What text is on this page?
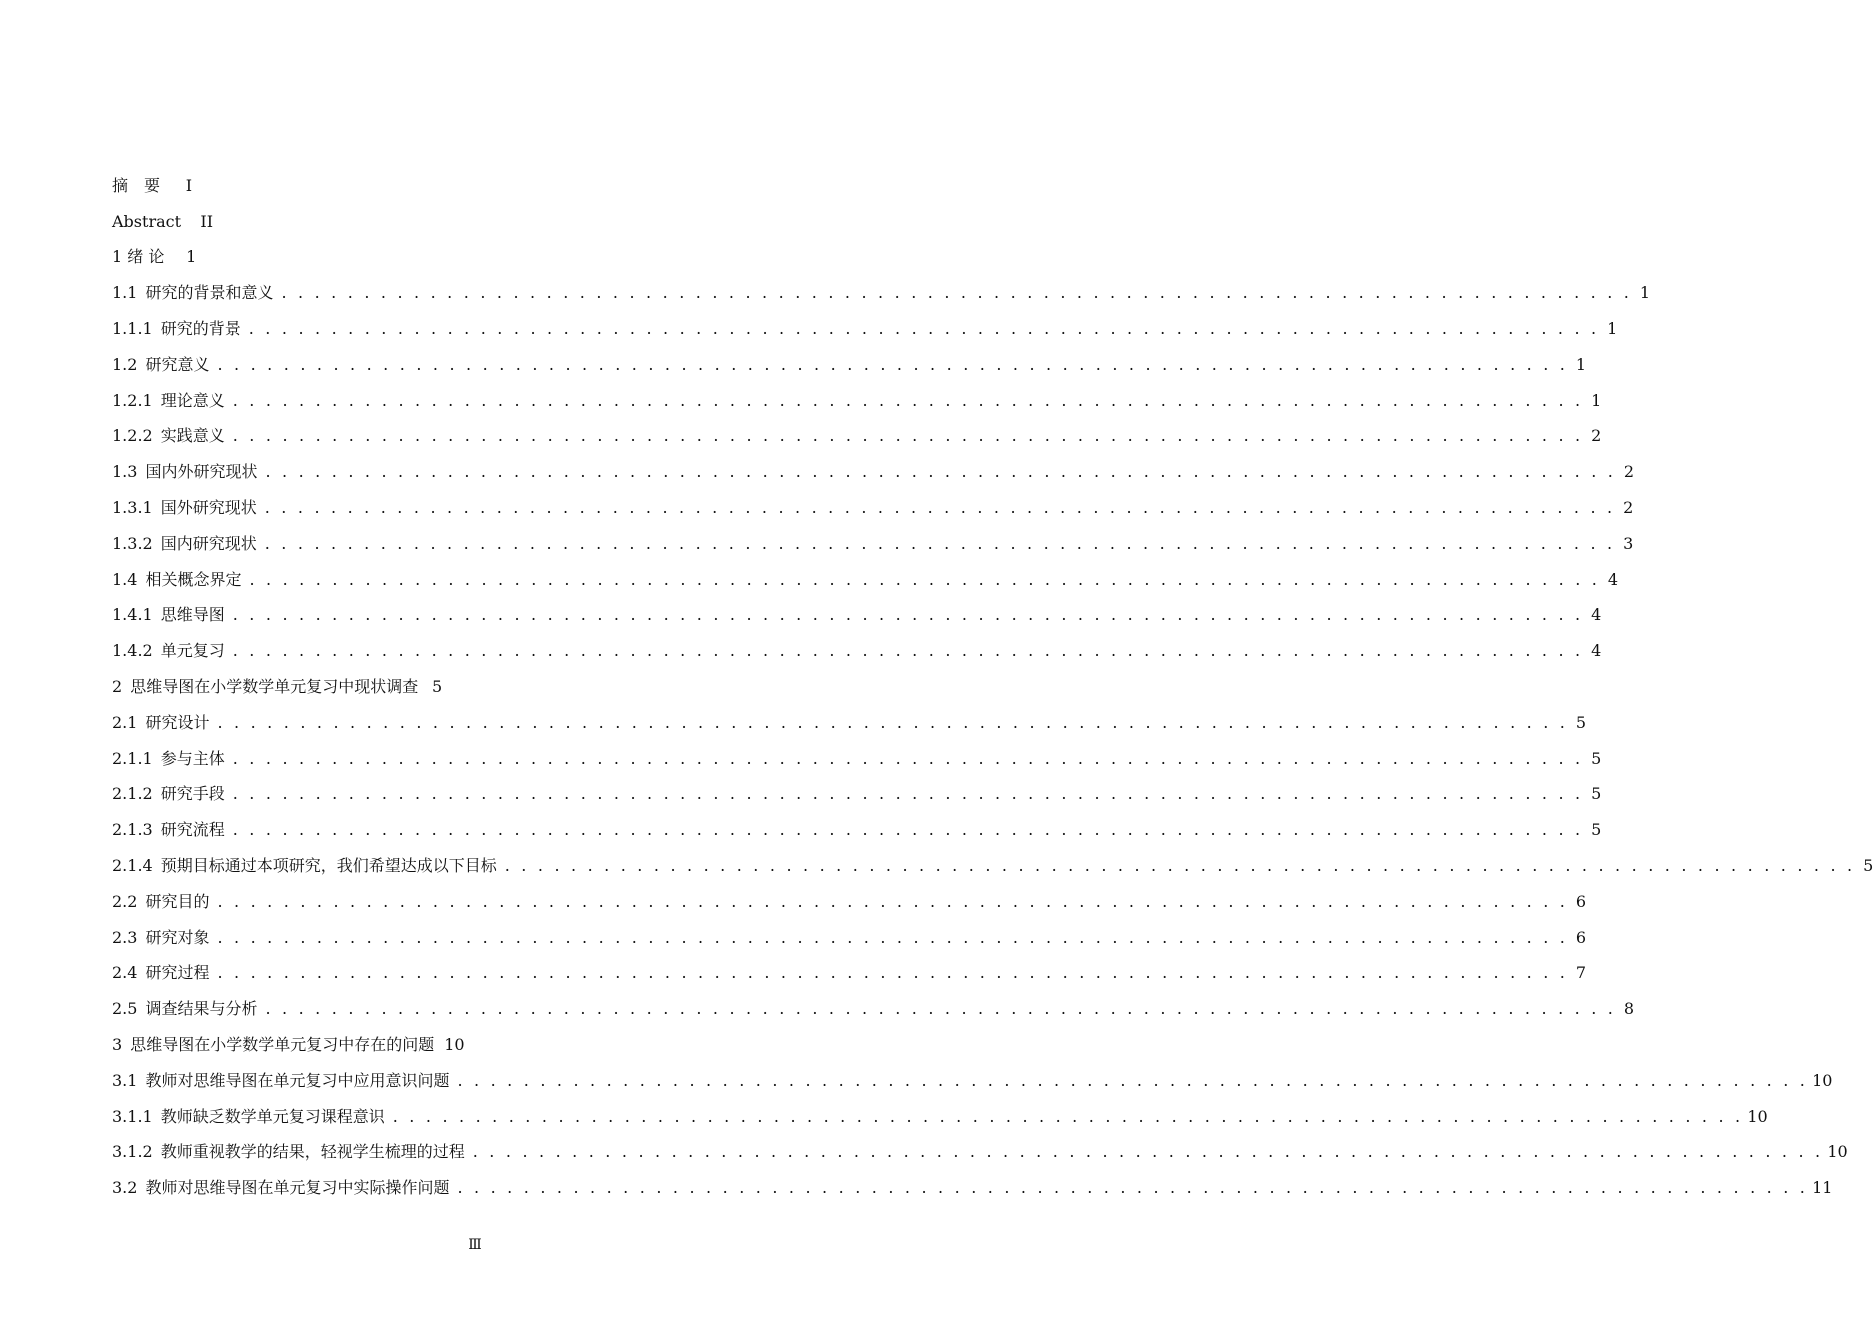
摘　要	I
Abstract	II
1 绪 论	1
1.1 研究的背景和意义 . . . . . . . . . . . . . . . . . . . . . . . . . . . . . . . . . . . . . . . . . . . . . . . . . . . . . . . . . . . . . . . . . . . . . . . . . . . . . . . . . . 1
1.1.1 研究的背景 . . . . . . . . . . . . . . . . . . . . . . . . . . . . . . . . . . . . . . . . . . . . . . . . . . . . . . . . . . . . . . . . . . . . . . . . . . . . . . . . . . 1
1.2 研究意义 . . . . . . . . . . . . . . . . . . . . . . . . . . . . . . . . . . . . . . . . . . . . . . . . . . . . . . . . . . . . . . . . . . . . . . . . . . . . . . . . . . 1
1.2.1 理论意义 . . . . . . . . . . . . . . . . . . . . . . . . . . . . . . . . . . . . . . . . . . . . . . . . . . . . . . . . . . . . . . . . . . . . . . . . . . . . . . . . . . 1
1.2.2 实践意义 . . . . . . . . . . . . . . . . . . . . . . . . . . . . . . . . . . . . . . . . . . . . . . . . . . . . . . . . . . . . . . . . . . . . . . . . . . . . . . . . . . 2
1.3 国内外研究现状 . . . . . . . . . . . . . . . . . . . . . . . . . . . . . . . . . . . . . . . . . . . . . . . . . . . . . . . . . . . . . . . . . . . . . . . . . . . . . . . . . . 2
1.3.1 国外研究现状 . . . . . . . . . . . . . . . . . . . . . . . . . . . . . . . . . . . . . . . . . . . . . . . . . . . . . . . . . . . . . . . . . . . . . . . . . . . . . . . . . . 2
1.3.2 国内研究现状 . . . . . . . . . . . . . . . . . . . . . . . . . . . . . . . . . . . . . . . . . . . . . . . . . . . . . . . . . . . . . . . . . . . . . . . . . . . . . . . . . . 3
1.4 相关概念界定 . . . . . . . . . . . . . . . . . . . . . . . . . . . . . . . . . . . . . . . . . . . . . . . . . . . . . . . . . . . . . . . . . . . . . . . . . . . . . . . . . . 4
1.4.1 思维导图 . . . . . . . . . . . . . . . . . . . . . . . . . . . . . . . . . . . . . . . . . . . . . . . . . . . . . . . . . . . . . . . . . . . . . . . . . . . . . . . . . . 4
1.4.2 单元复习 . . . . . . . . . . . . . . . . . . . . . . . . . . . . . . . . . . . . . . . . . . . . . . . . . . . . . . . . . . . . . . . . . . . . . . . . . . . . . . . . . . 4
2 思维导图在小学数学单元复习中现状调查 5
2.1 研究设计 . . . . . . . . . . . . . . . . . . . . . . . . . . . . . . . . . . . . . . . . . . . . . . . . . . . . . . . . . . . . . . . . . . . . . . . . . . . . . . . . . . 5
2.1.1 参与主体 . . . . . . . . . . . . . . . . . . . . . . . . . . . . . . . . . . . . . . . . . . . . . . . . . . . . . . . . . . . . . . . . . . . . . . . . . . . . . . . . . . 5
2.1.2 研究手段 . . . . . . . . . . . . . . . . . . . . . . . . . . . . . . . . . . . . . . . . . . . . . . . . . . . . . . . . . . . . . . . . . . . . . . . . . . . . . . . . . . 5
2.1.3 研究流程 . . . . . . . . . . . . . . . . . . . . . . . . . . . . . . . . . . . . . . . . . . . . . . . . . . . . . . . . . . . . . . . . . . . . . . . . . . . . . . . . . . 5
2.1.4 预期目标通过本项研究，我们希望达成以下目标 . . . . . . . . . . . . . . . . . . . . . . . . . . . . . . . . . . . . . . . . . . . . . . . . . . . . . . . . . . . . . . . . . . . . . . . . . . . . . . . . . . 5
2.2 研究目的 . . . . . . . . . . . . . . . . . . . . . . . . . . . . . . . . . . . . . . . . . . . . . . . . . . . . . . . . . . . . . . . . . . . . . . . . . . . . . . . . . . 6
2.3 研究对象 . . . . . . . . . . . . . . . . . . . . . . . . . . . . . . . . . . . . . . . . . . . . . . . . . . . . . . . . . . . . . . . . . . . . . . . . . . . . . . . . . . 6
2.4 研究过程 . . . . . . . . . . . . . . . . . . . . . . . . . . . . . . . . . . . . . . . . . . . . . . . . . . . . . . . . . . . . . . . . . . . . . . . . . . . . . . . . . . 7
2.5 调查结果与分析 . . . . . . . . . . . . . . . . . . . . . . . . . . . . . . . . . . . . . . . . . . . . . . . . . . . . . . . . . . . . . . . . . . . . . . . . . . . . . . . . . . 8
3 思维导图在小学数学单元复习中存在的问题 10
3.1 教师对思维导图在单元复习中应用意识问题 . . . . . . . . . . . . . . . . . . . . . . . . . . . . . . . . . . . . . . . . . . . . . . . . . . . . . . . . . . . . . . . . . . . . . . . . . . . . . . . . . . 10
3.1.1 教师缺乏数学单元复习课程意识 . . . . . . . . . . . . . . . . . . . . . . . . . . . . . . . . . . . . . . . . . . . . . . . . . . . . . . . . . . . . . . . . . . . . . . . . . . . . . . . . . . 10
3.1.2 教师重视教学的结果，轻视学生梳理的过程 . . . . . . . . . . . . . . . . . . . . . . . . . . . . . . . . . . . . . . . . . . . . . . . . . . . . . . . . . . . . . . . . . . . . . . . . . . . . . . . . . . 10
3.2 教师对思维导图在单元复习中实际操作问题 . . . . . . . . . . . . . . . . . . . . . . . . . . . . . . . . . . . . . . . . . . . . . . . . . . . . . . . . . . . . . . . . . . . . . . . . . . . . . . . . . . 11
Ⅲ
